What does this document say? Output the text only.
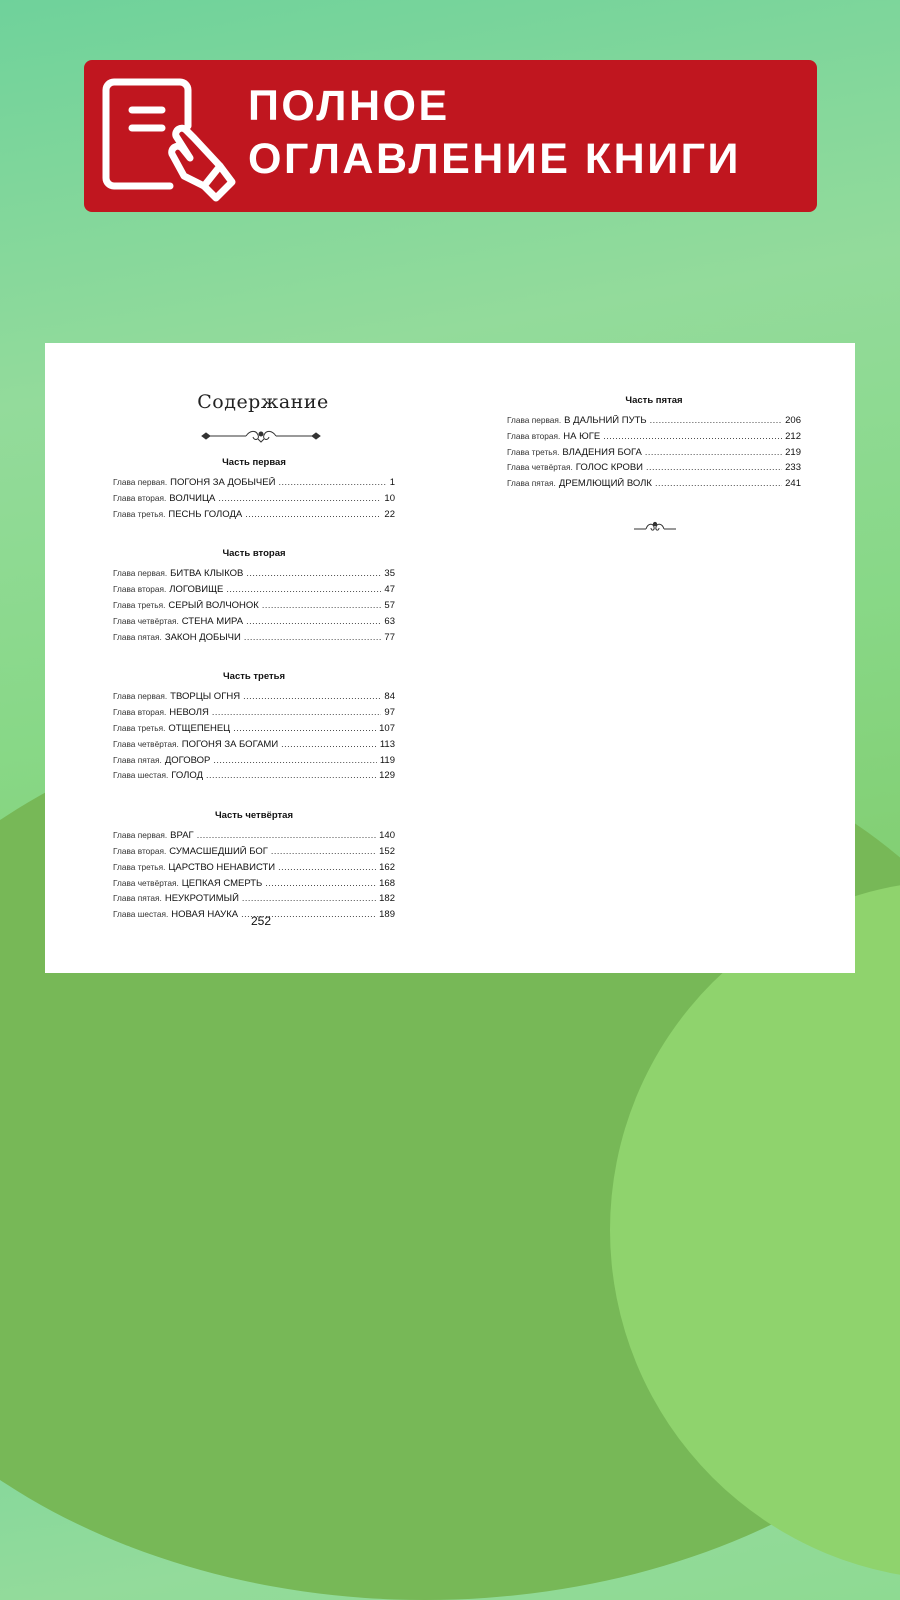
ПОЛНОЕ
ОГЛАВЛЕНИЕ КНИГИ
Содержание
Часть первая
Глава первая. ПОГОНЯ ЗА ДОБЫЧЕЙ . . .	1
Глава вторая. ВОЛЧИЦА . . .	10
Глава третья. ПЕСНЬ ГОЛОДА . . .	22
Часть вторая
Глава первая. БИТВА КЛЫКОВ . . .	35
Глава вторая. ЛОГОВИЩЕ . . .	47
Глава третья. СЕРЫЙ ВОЛЧОНОК . . .	57
Глава четвёртая. СТЕНА МИРА . . .	63
Глава пятая. ЗАКОН ДОБЫЧИ . . .	77
Часть третья
Глава первая. ТВОРЦЫ ОГНЯ . . .	84
Глава вторая. НЕВОЛЯ . . .	97
Глава третья. ОТЩЕПЕНЕЦ . . .	107
Глава четвёртая. ПОГОНЯ ЗА БОГАМИ . . .	113
Глава пятая. ДОГОВОР . . .	119
Глава шестая. ГОЛОД . . .	129
Часть четвёртая
Глава первая. ВРАГ . . .	140
Глава вторая. СУМАСШЕДШИЙ БОГ . . .	152
Глава третья. ЦАРСТВО НЕНАВИСТИ . . .	162
Глава четвёртая. ЦЕПКАЯ СМЕРТЬ . . .	168
Глава пятая. НЕУКРОТИМЫЙ . . .	182
Глава шестая. НОВАЯ НАУКА . . .	189
Часть пятая
Глава первая. В ДАЛЬНИЙ ПУТЬ . . .	206
Глава вторая. НА ЮГЕ . . .	212
Глава третья. ВЛАДЕНИЯ БОГА . . .	219
Глава четвёртая. ГОЛОС КРОВИ . . .	233
Глава пятая. ДРЕМЛЮЩИЙ ВОЛК . . .	241
252
